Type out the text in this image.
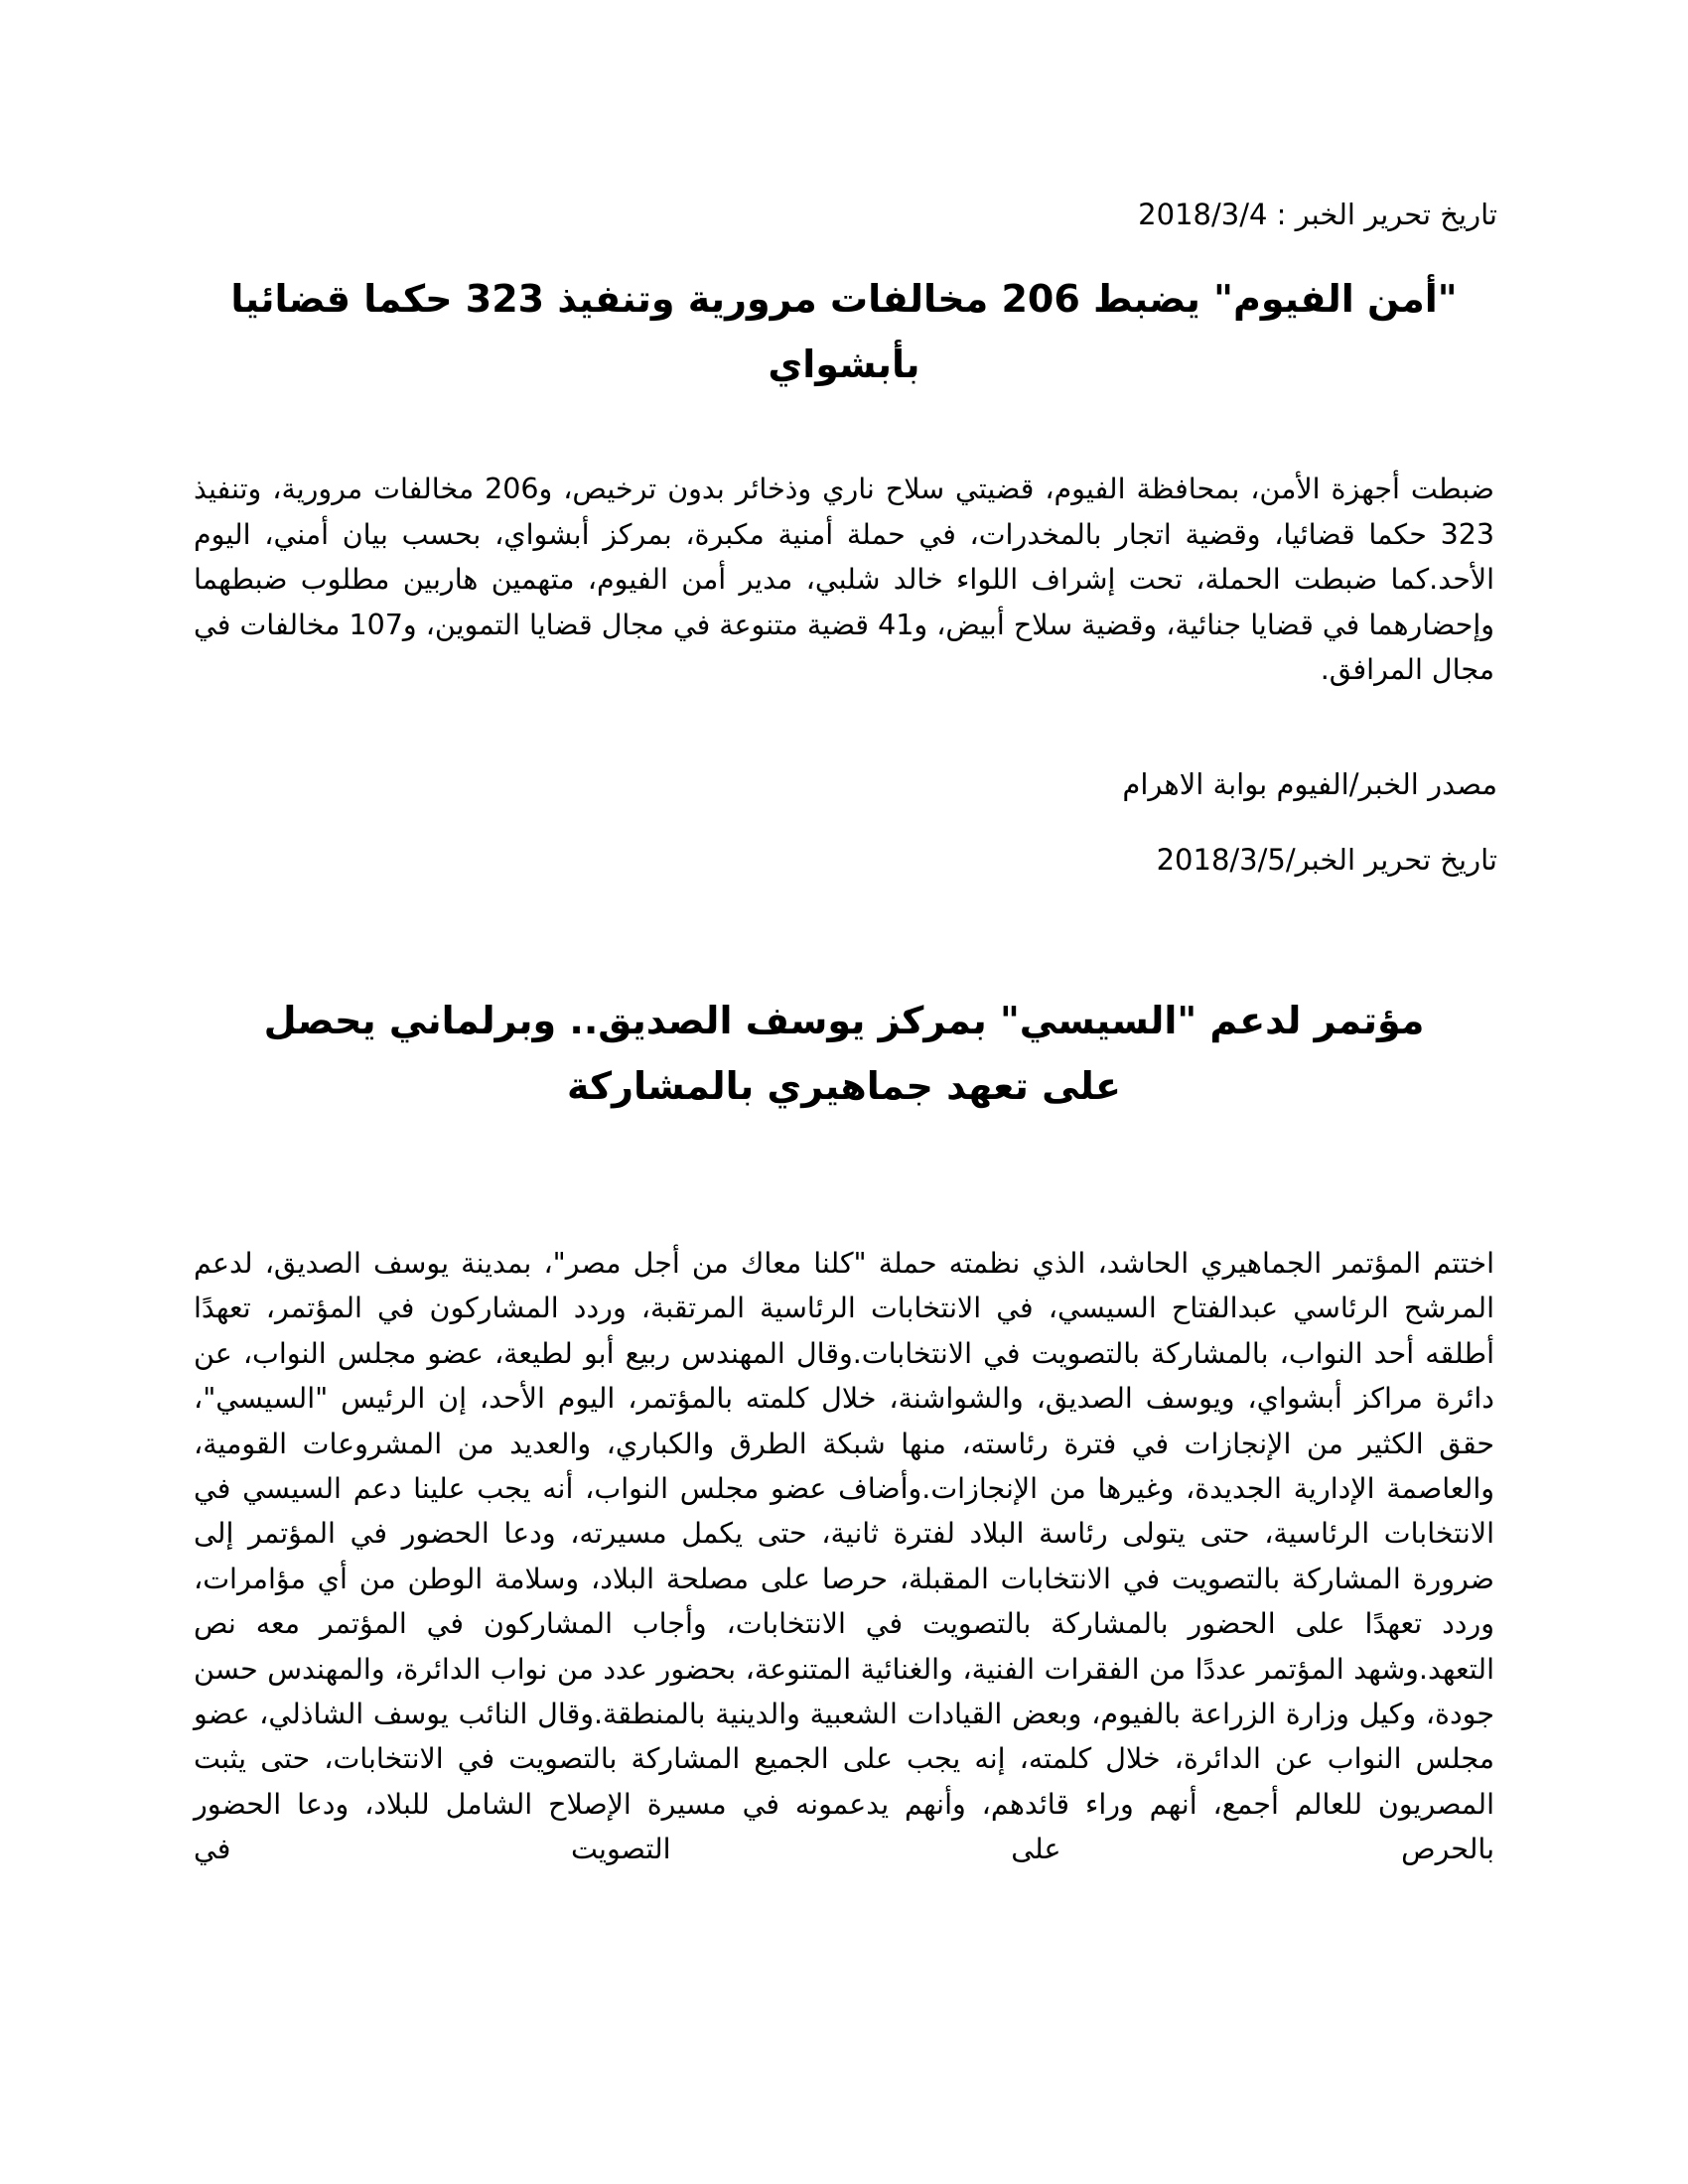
تاريخ تحرير الخبر : 2018/3/4
"أمن الفيوم" يضبط 206 مخالفات مرورية وتنفيذ 323 حكما قضائيا بأبشواي

ضبطت أجهزة الأمن، بمحافظة الفيوم، قضيتي سلاح ناري وذخائر بدون ترخيص، و206 مخالفات مرورية، وتنفيذ 323 حكما قضائيا، وقضية اتجار بالمخدرات، في حملة أمنية مكبرة، بمركز أبشواي، بحسب بيان أمني، اليوم الأحد.كما ضبطت الحملة، تحت إشراف اللواء خالد شلبي، مدير أمن الفيوم، متهمين هاربين مطلوب ضبطهما وإحضارهما في قضايا جنائية، وقضية سلاح أبيض، و41 قضية متنوعة في مجال قضايا التموين، و107 مخالفات في مجال المرافق.

مصدر الخبر/الفيوم بوابة الاهرام
تاريخ تحرير الخبر/2018/3/5
مؤتمر لدعم "السيسي" بمركز يوسف الصديق.. وبرلماني يحصل على تعهد جماهيري بالمشاركة

اختتم المؤتمر الجماهيري الحاشد، الذي نظمته حملة "كلنا معاك من أجل مصر"، بمدينة يوسف الصديق، لدعم المرشح الرئاسي عبدالفتاح السيسي، في الانتخابات الرئاسية المرتقبة، وردد المشاركون في المؤتمر، تعهدًا أطلقه أحد النواب، بالمشاركة بالتصويت في الانتخابات.وقال المهندس ربيع أبو لطيعة، عضو مجلس النواب، عن دائرة مراكز أبشواي، ويوسف الصديق، والشواشنة، خلال كلمته بالمؤتمر، اليوم الأحد، إن الرئيس "السيسي"، حقق الكثير من الإنجازات في فترة رئاسته، منها شبكة الطرق والكباري، والعديد من المشروعات القومية، والعاصمة الإدارية الجديدة، وغيرها من الإنجازات.وأضاف عضو مجلس النواب، أنه يجب علينا دعم السيسي في الانتخابات الرئاسية، حتى يتولى رئاسة البلاد لفترة ثانية، حتى يكمل مسيرته، ودعا الحضور في المؤتمر إلى ضرورة المشاركة بالتصويت في الانتخابات المقبلة، حرصا على مصلحة البلاد، وسلامة الوطن من أي مؤامرات، وردد تعهدًا على الحضور بالمشاركة بالتصويت في الانتخابات، وأجاب المشاركون في المؤتمر معه نص التعهد.وشهد المؤتمر عددًا من الفقرات الفنية، والغنائية المتنوعة، بحضور عدد من نواب الدائرة، والمهندس حسن جودة، وكيل وزارة الزراعة بالفيوم، وبعض القيادات الشعبية والدينية بالمنطقة.وقال النائب يوسف الشاذلي، عضو مجلس النواب عن الدائرة، خلال كلمته، إنه يجب على الجميع المشاركة بالتصويت في الانتخابات، حتى يثبت المصريون للعالم أجمع، أنهم وراء قائدهم، وأنهم يدعمونه في مسيرة الإصلاح الشامل للبلاد، ودعا الحضور بالحرص على التصويت في
